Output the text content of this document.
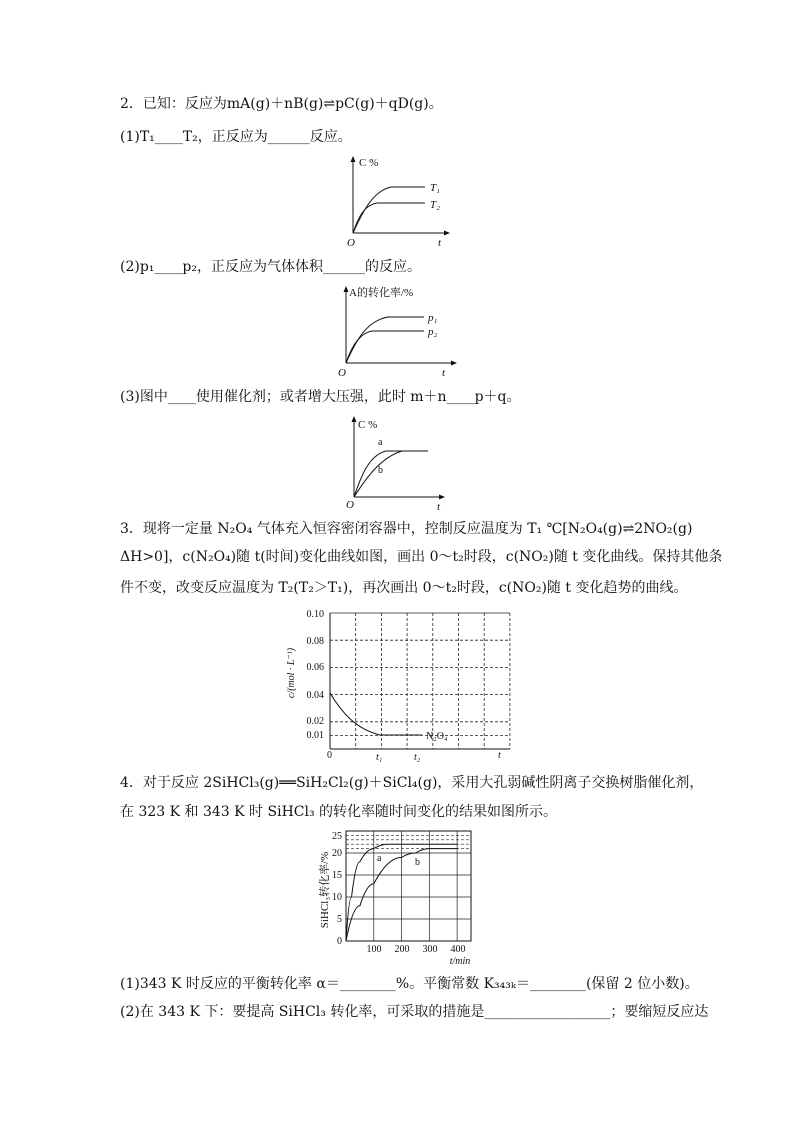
2．已知：反应为mA(g)＋nB(g)⇌pC(g)＋qD(g)。
(1)T₁____T₂，正反应为______反应。
C %
O	t
T₁
T₂
(2)p₁____p₂，正反应为气体体积______的反应。
A的转化率/%
O	t
p₁
p₂
(3)图中____使用催化剂；或者增大压强，此时 m＋n____p＋q。
C %
O	t
a
b
3．现将一定量 N₂O₄ 气体充入恒容密闭容器中，控制反应温度为 T₁ ℃[N₂O₄(g)⇌2NO₂(g)
ΔH>0]，c(N₂O₄)随 t(时间)变化曲线如图，画出 0～t₂时段，c(NO₂)随 t 变化曲线。保持其他条
件不变，改变反应温度为 T₂(T₂＞T₁)，再次画出 0～t₂时段，c(NO₂)随 t 变化趋势的曲线。
c/(mol · L⁻¹)
0.10
0.08
0.06
0.04
0.02
0.01
0	t₁	t₂	t
N₂O₄
4．对于反应 2SiHCl₃(g)══SiH₂Cl₂(g)＋SiCl₄(g)，采用大孔弱碱性阴离子交换树脂催化剂，
在 323 K 和 343 K 时 SiHCl₃ 的转化率随时间变化的结果如图所示。
SiHCl₃转化率/%
25
20
15
10
5
0
100 200 300 400
t/min
a	b
(1)343 K 时反应的平衡转化率 α＝________%。平衡常数 K₃₄₃ₖ＝________(保留 2 位小数)。
(2)在 343 K 下：要提高 SiHCl₃ 转化率，可采取的措施是__________________；要缩短反应达
